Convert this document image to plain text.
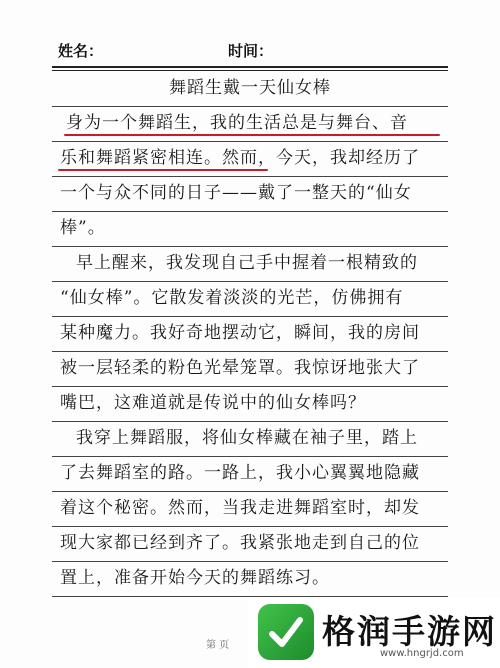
姓名：	时间：
舞蹈生戴一天仙女棒
身为一个舞蹈生，我的生活总是与舞台、音
乐和舞蹈紧密相连。然而，今天，我却经历了
一个与众不同的日子——戴了一整天的“仙女
棒”。
早上醒来，我发现自己手中握着一根精致的
“仙女棒”。它散发着淡淡的光芒，仿佛拥有
某种魔力。我好奇地摆动它，瞬间，我的房间
被一层轻柔的粉色光晕笼罩。我惊讶地张大了
嘴巴，这难道就是传说中的仙女棒吗？
我穿上舞蹈服，将仙女棒藏在袖子里，踏上
了去舞蹈室的路。一路上，我小心翼翼地隐藏
着这个秘密。然而，当我走进舞蹈室时，却发
现大家都已经到齐了。我紧张地走到自己的位
置上，准备开始今天的舞蹈练习。
第 页	格润手游网
www.hngrjd.com
